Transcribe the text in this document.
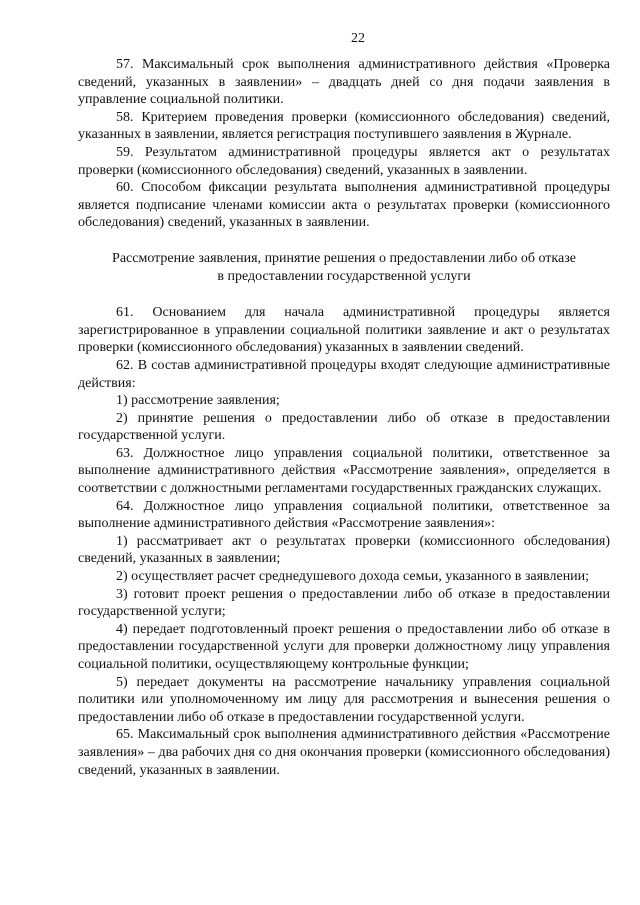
22

57. Максимальный срок выполнения административного действия «Проверка сведений, указанных в заявлении» – двадцать дней со дня подачи заявления в управление социальной политики.

58. Критерием проведения проверки (комиссионного обследования) сведений, указанных в заявлении, является регистрация поступившего заявления в Журнале.

59. Результатом административной процедуры является акт о результатах проверки (комиссионного обследования) сведений, указанных в заявлении.

60. Способом фиксации результата выполнения административной процедуры является подписание членами комиссии акта о результатах проверки (комиссионного обследования) сведений, указанных в заявлении.

Рассмотрение заявления, принятие решения о предоставлении либо об отказе
в предоставлении государственной услуги

61. Основанием для начала административной процедуры является зарегистрированное в управлении социальной политики заявление и акт о результатах проверки (комиссионного обследования) указанных в заявлении сведений.

62. В состав административной процедуры входят следующие административные действия:

1) рассмотрение заявления;

2) принятие решения о предоставлении либо об отказе в предоставлении государственной услуги.

63. Должностное лицо управления социальной политики, ответственное за выполнение административного действия «Рассмотрение заявления», определяется в соответствии с должностными регламентами государственных гражданских служащих.

64. Должностное лицо управления социальной политики, ответственное за выполнение административного действия «Рассмотрение заявления»:

1) рассматривает акт о результатах проверки (комиссионного обследования) сведений, указанных в заявлении;

2) осуществляет расчет среднедушевого дохода семьи, указанного в заявлении;

3) готовит проект решения о предоставлении либо об отказе в предоставлении государственной услуги;

4) передает подготовленный проект решения о предоставлении либо об отказе в предоставлении государственной услуги для проверки должностному лицу управления социальной политики, осуществляющему контрольные функции;

5) передает документы на рассмотрение начальнику управления социальной политики или уполномоченному им лицу для рассмотрения и вынесения решения о предоставлении либо об отказе в предоставлении государственной услуги.

65. Максимальный срок выполнения административного действия «Рассмотрение заявления» – два рабочих дня со дня окончания проверки (комиссионного обследования) сведений, указанных в заявлении.
